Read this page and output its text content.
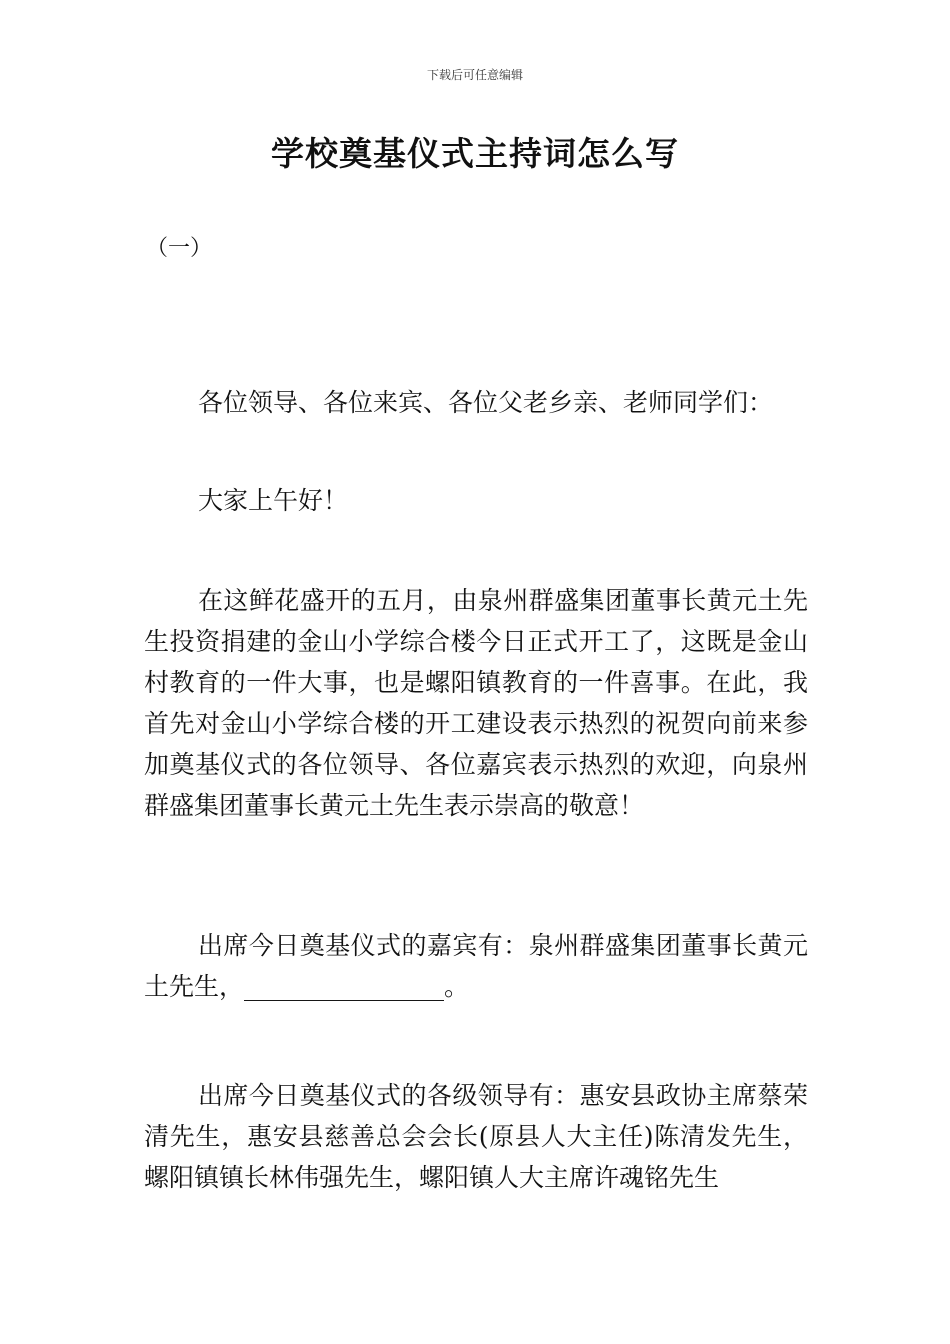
下载后可任意编辑
学校奠基仪式主持词怎么写
（一）

各位领导、各位来宾、各位父老乡亲、老师同学们：

大家上午好！

在这鲜花盛开的五月，由泉州群盛集团董事长黄元土先生投资捐建的金山小学综合楼今日正式开工了，这既是金山村教育的一件大事，也是螺阳镇教育的一件喜事。在此，我首先对金山小学综合楼的开工建设表示热烈的祝贺向前来参加奠基仪式的各位领导、各位嘉宾表示热烈的欢迎，向泉州群盛集团董事长黄元土先生表示崇高的敬意！

出席今日奠基仪式的嘉宾有：泉州群盛集团董事长黄元土先生，________________。

出席今日奠基仪式的各级领导有：惠安县政协主席蔡荣清先生，惠安县慈善总会会长(原县人大主任)陈清发先生，螺阳镇镇长林伟强先生，螺阳镇人大主席许魂铭先生
